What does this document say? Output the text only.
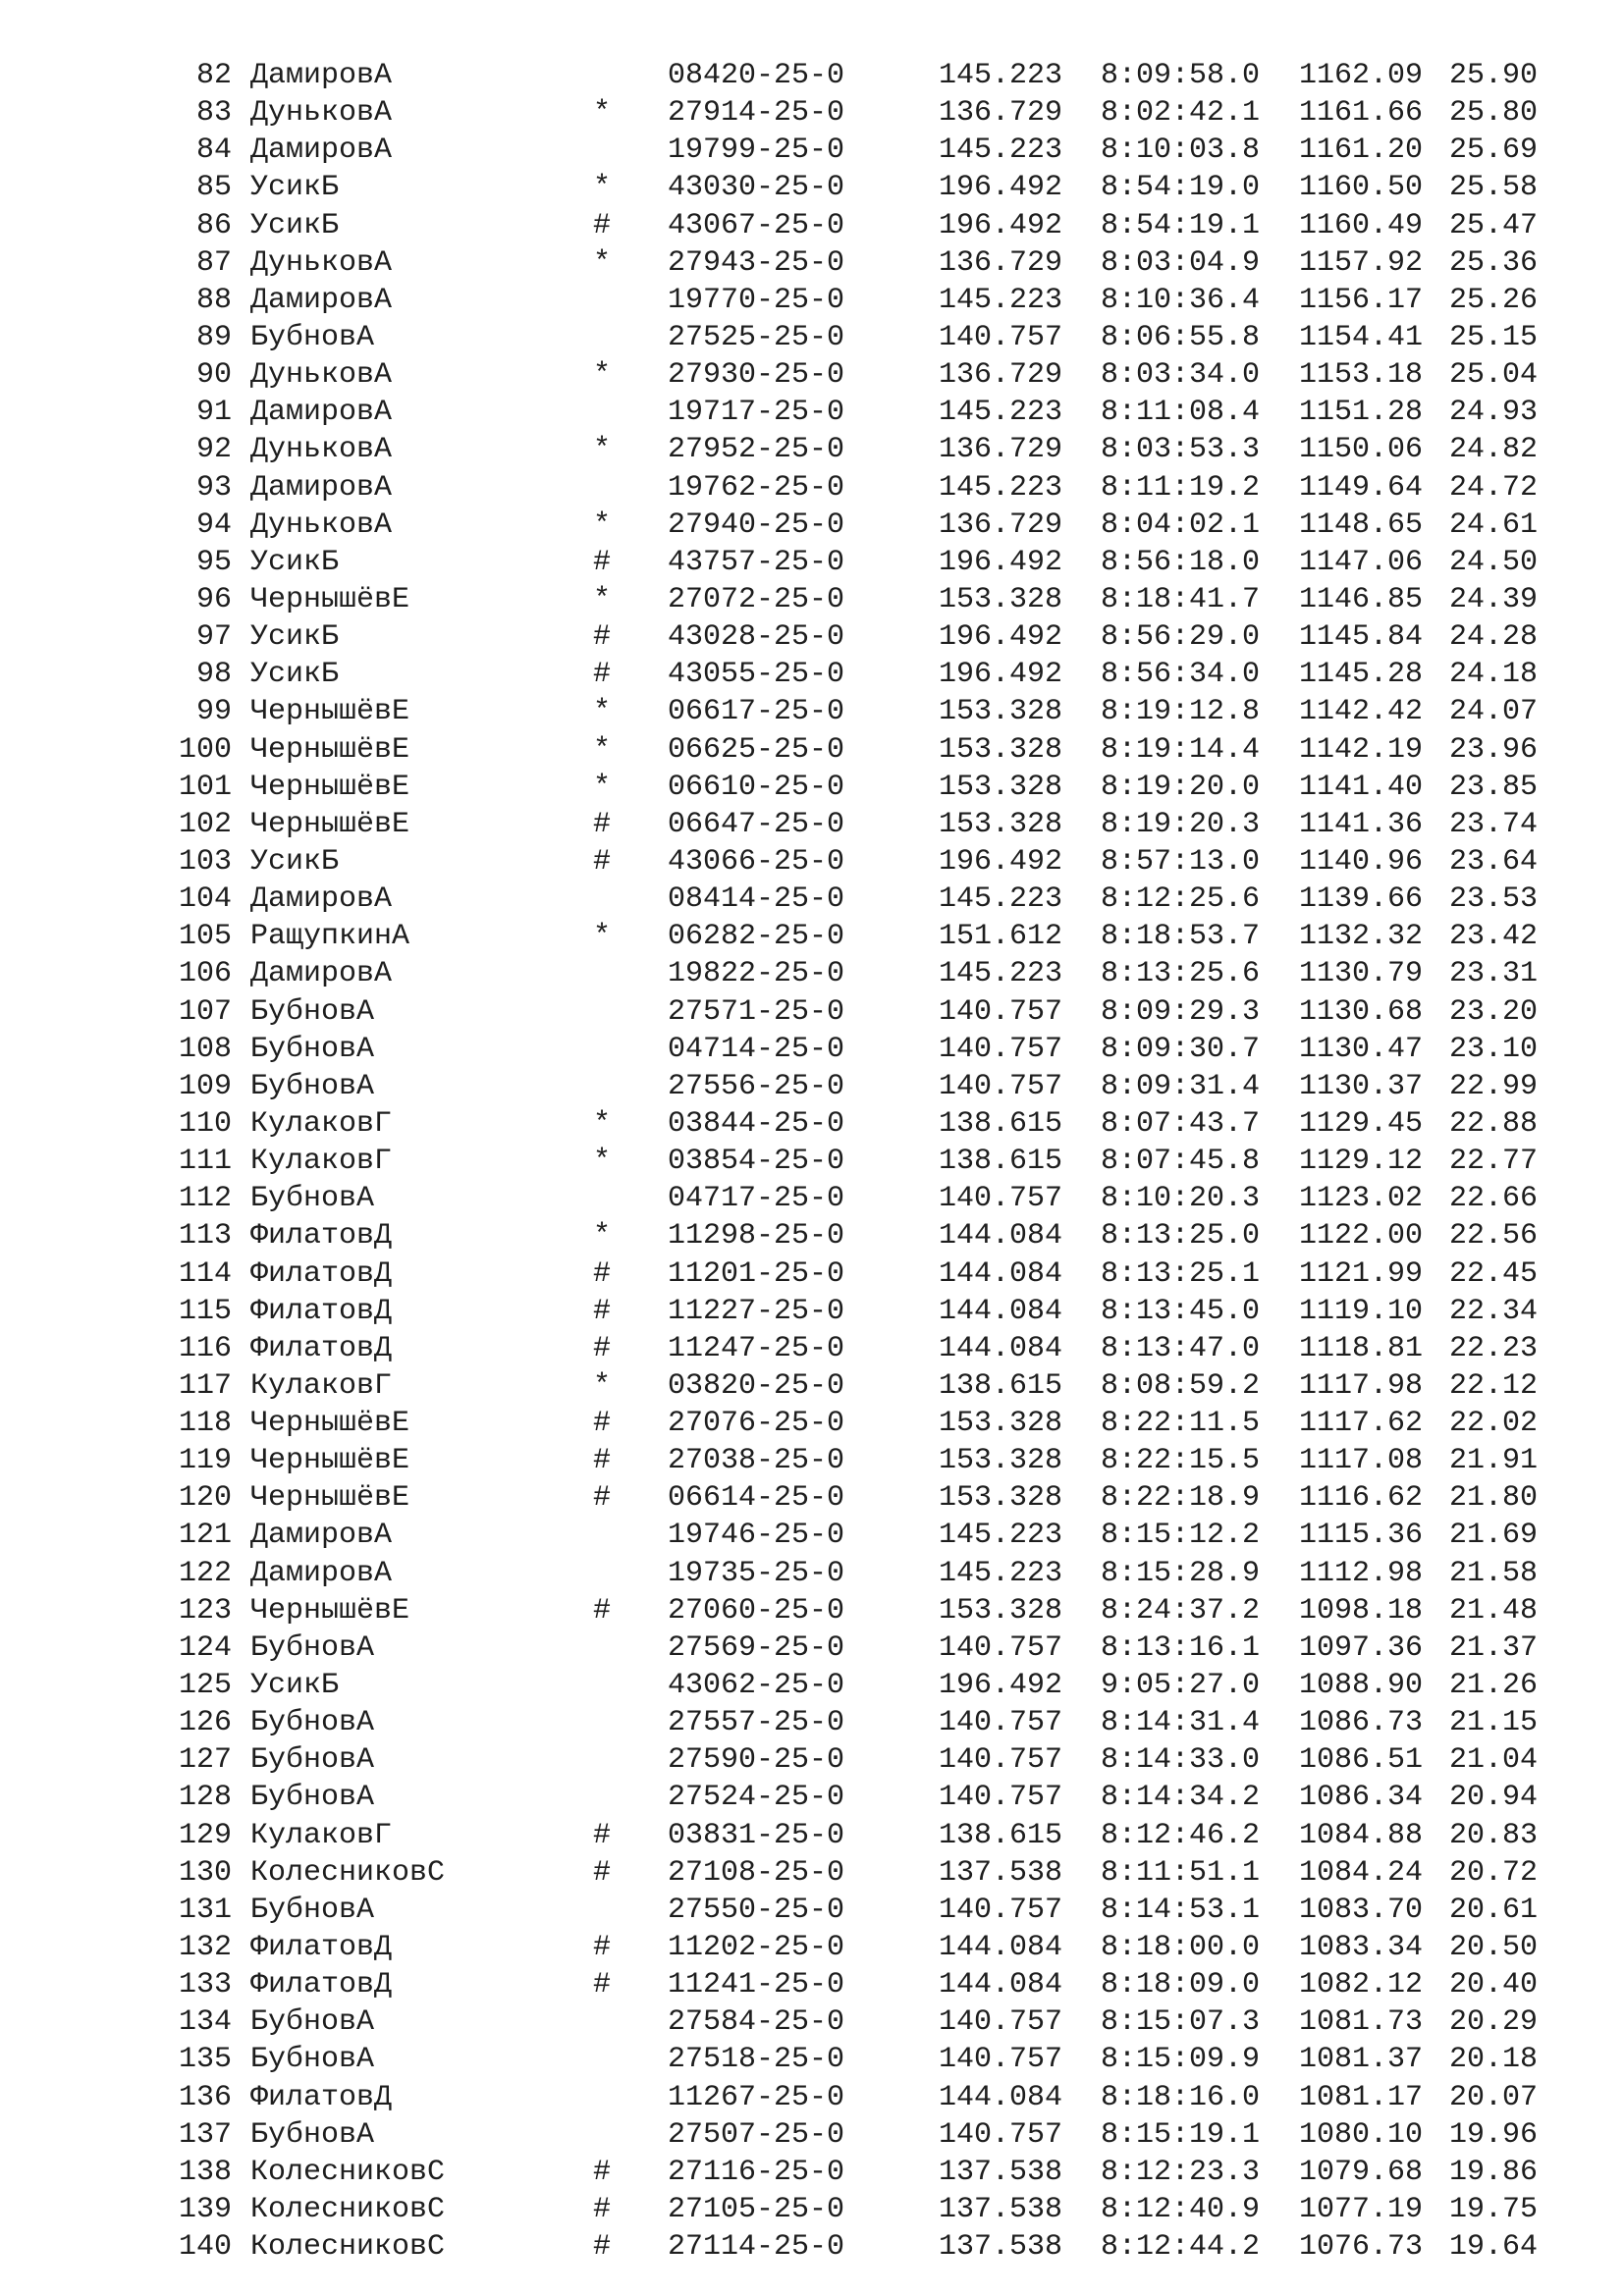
82 ДамировА	08420-25-0	145.223 8:09:58.0 1162.09 25.90
83 ДуньковА	* 27914-25-0	136.729 8:02:42.1 1161.66 25.80
84 ДамировА	19799-25-0	145.223 8:10:03.8 1161.20 25.69
85 УсикБ	* 43030-25-0	196.492 8:54:19.0 1160.50 25.58
86 УсикБ	# 43067-25-0	196.492 8:54:19.1 1160.49 25.47
87 ДуньковА	* 27943-25-0	136.729 8:03:04.9 1157.92 25.36
88 ДамировА	19770-25-0	145.223 8:10:36.4 1156.17 25.26
89 БубновА	27525-25-0	140.757 8:06:55.8 1154.41 25.15
90 ДуньковА	* 27930-25-0	136.729 8:03:34.0 1153.18 25.04
91 ДамировА	19717-25-0	145.223 8:11:08.4 1151.28 24.93
92 ДуньковА	* 27952-25-0	136.729 8:03:53.3 1150.06 24.82
93 ДамировА	19762-25-0	145.223 8:11:19.2 1149.64 24.72
94 ДуньковА	* 27940-25-0	136.729 8:04:02.1 1148.65 24.61
95 УсикБ	# 43757-25-0	196.492 8:56:18.0 1147.06 24.50
96 ЧернышёвЕ	* 27072-25-0	153.328 8:18:41.7 1146.85 24.39
97 УсикБ	# 43028-25-0	196.492 8:56:29.0 1145.84 24.28
98 УсикБ	# 43055-25-0	196.492 8:56:34.0 1145.28 24.18
99 ЧернышёвЕ	* 06617-25-0	153.328 8:19:12.8 1142.42 24.07
100 ЧернышёвЕ	* 06625-25-0	153.328 8:19:14.4 1142.19 23.96
101 ЧернышёвЕ	* 06610-25-0	153.328 8:19:20.0 1141.40 23.85
102 ЧернышёвЕ	# 06647-25-0	153.328 8:19:20.3 1141.36 23.74
103 УсикБ	# 43066-25-0	196.492 8:57:13.0 1140.96 23.64
104 ДамировА	08414-25-0	145.223 8:12:25.6 1139.66 23.53
105 РащупкинА	* 06282-25-0	151.612 8:18:53.7 1132.32 23.42
106 ДамировА	19822-25-0	145.223 8:13:25.6 1130.79 23.31
107 БубновА	27571-25-0	140.757 8:09:29.3 1130.68 23.20
108 БубновА	04714-25-0	140.757 8:09:30.7 1130.47 23.10
109 БубновА	27556-25-0	140.757 8:09:31.4 1130.37 22.99
110 КулаковГ	* 03844-25-0	138.615 8:07:43.7 1129.45 22.88
111 КулаковГ	* 03854-25-0	138.615 8:07:45.8 1129.12 22.77
112 БубновА	04717-25-0	140.757 8:10:20.3 1123.02 22.66
113 ФилатовД	* 11298-25-0	144.084 8:13:25.0 1122.00 22.56
114 ФилатовД	# 11201-25-0	144.084 8:13:25.1 1121.99 22.45
115 ФилатовД	# 11227-25-0	144.084 8:13:45.0 1119.10 22.34
116 ФилатовД	# 11247-25-0	144.084 8:13:47.0 1118.81 22.23
117 КулаковГ	* 03820-25-0	138.615 8:08:59.2 1117.98 22.12
118 ЧернышёвЕ	# 27076-25-0	153.328 8:22:11.5 1117.62 22.02
119 ЧернышёвЕ	# 27038-25-0	153.328 8:22:15.5 1117.08 21.91
120 ЧернышёвЕ	# 06614-25-0	153.328 8:22:18.9 1116.62 21.80
121 ДамировА	19746-25-0	145.223 8:15:12.2 1115.36 21.69
122 ДамировА	19735-25-0	145.223 8:15:28.9 1112.98 21.58
123 ЧернышёвЕ	# 27060-25-0	153.328 8:24:37.2 1098.18 21.48
124 БубновА	27569-25-0	140.757 8:13:16.1 1097.36 21.37
125 УсикБ	43062-25-0	196.492 9:05:27.0 1088.90 21.26
126 БубновА	27557-25-0	140.757 8:14:31.4 1086.73 21.15
127 БубновА	27590-25-0	140.757 8:14:33.0 1086.51 21.04
128 БубновА	27524-25-0	140.757 8:14:34.2 1086.34 20.94
129 КулаковГ	# 03831-25-0	138.615 8:12:46.2 1084.88 20.83
130 КолесниковС	# 27108-25-0	137.538 8:11:51.1 1084.24 20.72
131 БубновА	27550-25-0	140.757 8:14:53.1 1083.70 20.61
132 ФилатовД	# 11202-25-0	144.084 8:18:00.0 1083.34 20.50
133 ФилатовД	# 11241-25-0	144.084 8:18:09.0 1082.12 20.40
134 БубновА	27584-25-0	140.757 8:15:07.3 1081.73 20.29
135 БубновА	27518-25-0	140.757 8:15:09.9 1081.37 20.18
136 ФилатовД	11267-25-0	144.084 8:18:16.0 1081.17 20.07
137 БубновА	27507-25-0	140.757 8:15:19.1 1080.10 19.96
138 КолесниковС	# 27116-25-0	137.538 8:12:23.3 1079.68 19.86
139 КолесниковС	# 27105-25-0	137.538 8:12:40.9 1077.19 19.75
140 КолесниковС	# 27114-25-0	137.538 8:12:44.2 1076.73 19.64
